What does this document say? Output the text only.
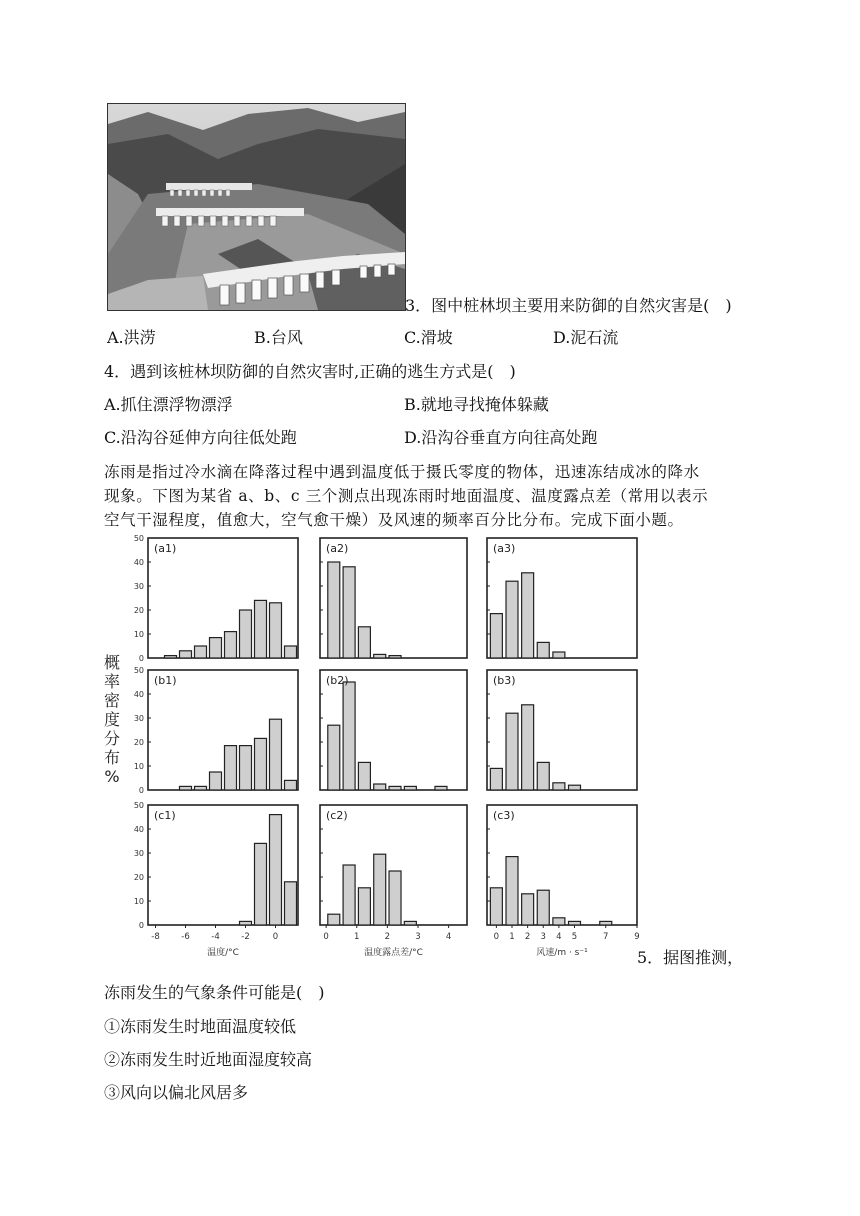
3．图中桩林坝主要用来防御的自然灾害是(　)
A.洪涝	B.台风	C.滑坡	D.泥石流
4．遇到该桩林坝防御的自然灾害时,正确的逃生方式是(　)
A.抓住漂浮物漂浮	B.就地寻找掩体躲藏
C.沿沟谷延伸方向往低处跑	D.沿沟谷垂直方向往高处跑
冻雨是指过冷水滴在降落过程中遇到温度低于摄氏零度的物体，迅速冻结成冰的降水
现象。下图为某省 a、b、c 三个测点出现冻雨时地面温度、温度露点差（常用以表示
空气干湿程度，值愈大，空气愈干燥）及风速的频率百分比分布。完成下面小题。
0
10
20
30
40
50
(a1)	(a2)	(a3)
0
10
20
30
40
50
(b1)	(b2)	(b3)
0
10
20
30
40
50
(c1)
-8	-6	-4	-2	0
温度/°C
(c2)
0	1	2	3	4
温度露点差/°C
(c3)
0 1 2 3 4 5	7	9
风速/m · s⁻¹
概率密度分布%
5．据图推测，
冻雨发生的气象条件可能是(　)
①冻雨发生时地面温度较低
②冻雨发生时近地面湿度较高
③风向以偏北风居多
